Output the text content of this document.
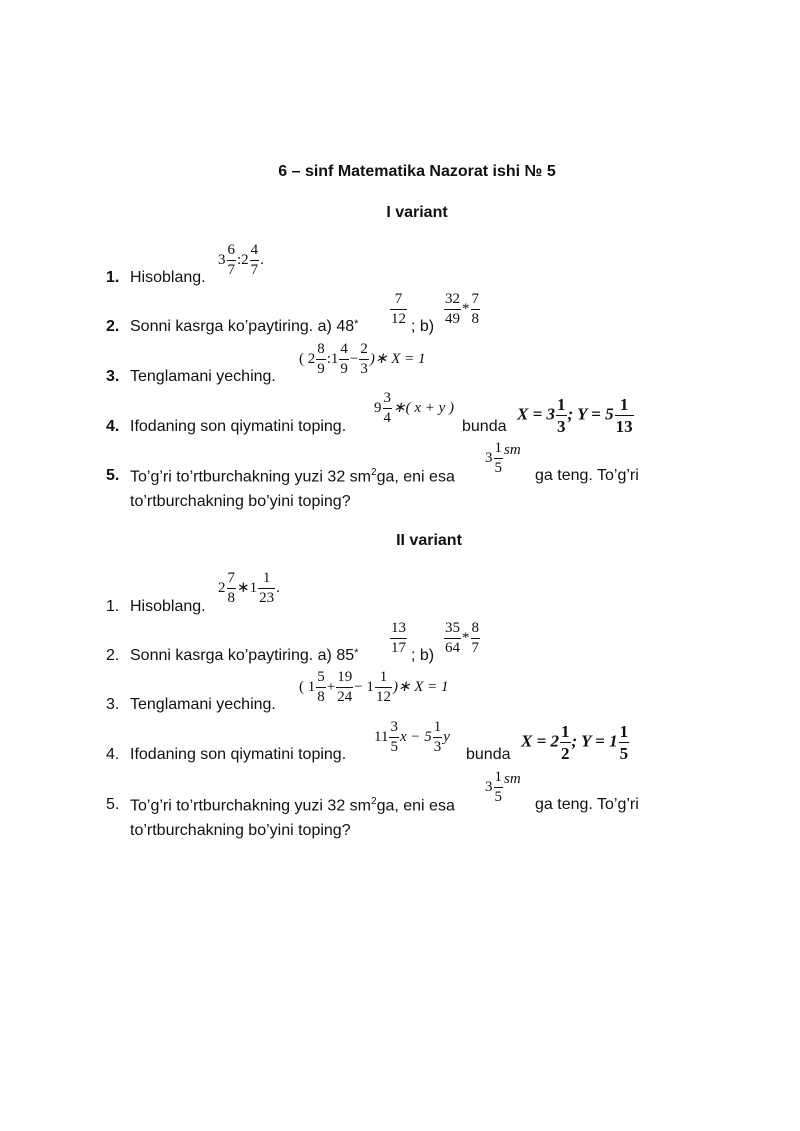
6 – sinf Matematika Nazorat ishi № 5
I variant
1. Hisoblang.
$3 \frac{6}{7}$ :2 $\frac{4}{7}$ .
2. Sonni kasrga ko’paytiring. a) $48^* \frac{7}{12}$ ; $b) \frac{32}{49} * \frac{7}{8}$
3. Tenglamani yeching.
( $2 \frac{8}{9}$ :1 $\frac{4}{9} - \frac{2}{3}$ )∗ X = 1
4. Ifodaning son qiymatini toping.
$9 \frac{3}{4}$ ∗( x + y )
bunda
$X = 3 \frac{1}{3}$ ; $Y = 5 \frac{1}{13}$
5. To’g’ri to’rtburchakning yuzi 32 $sm^2ga$, eni esa
$3 \frac{1}{5}$ sm
ga teng. To’g’ri
to’rtburchakning bo’yini toping?
II variant
1. Hisoblang.
$2 \frac{7}{8}$ ∗1 $\frac{1}{23}$ .
2. Sonni kasrga ko’paytiring. a) $85^* \frac{13}{17}$ ; $b) \frac{35}{64} * \frac{8}{7}$
3. Tenglamani yeching.
( $1 \frac{5}{8} + \frac{19}{24} - 1 \frac{1}{12}$ )∗ X = 1
4. Ifodaning son qiymatini toping.
$11 \frac{3}{5}$ $x - 5 \frac{1}{3}$ y
bunda
$X = 2 \frac{1}{2}$ ; $Y = 1 \frac{1}{5}$
5. To’g’ri to’rtburchakning yuzi 32 $sm^2ga$, eni esa
$3 \frac{1}{5}$ sm
ga teng. To’g’ri
to’rtburchakning bo’yini toping?
